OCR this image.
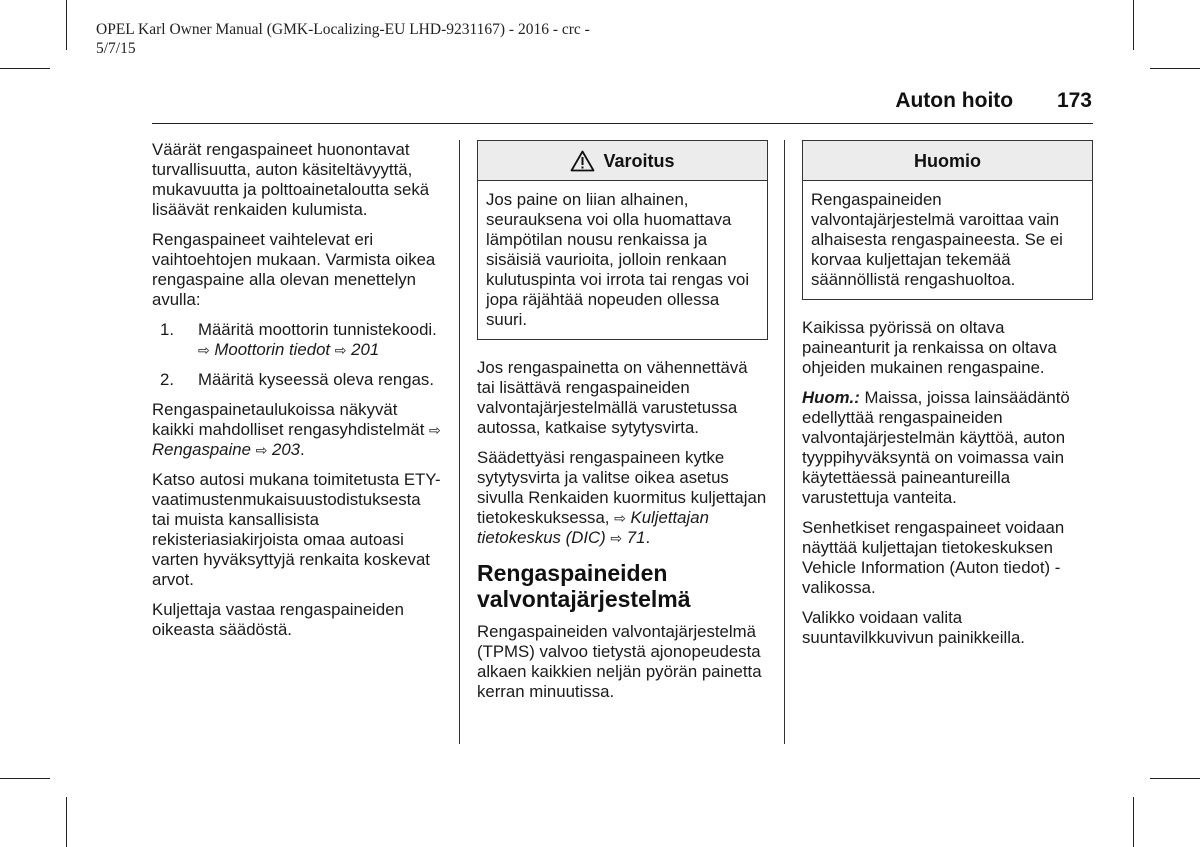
OPEL Karl Owner Manual (GMK-Localizing-EU LHD-9231167) - 2016 - crc -
5/7/15
Auton hoito 173

Väärät rengaspaineet huonontavat turvallisuutta, auton käsiteltävyyttä, mukavuutta ja polttoainetaloutta sekä lisäävät renkaiden kulumista.

Rengaspaineet vaihtelevat eri vaihtoehtojen mukaan. Varmista oikea rengaspaine alla olevan menettelyn avulla:

1.	Määritä moottorin tunnistekoodi. ⇨ Moottorin tiedot ⇨ 201
2.	Määritä kyseessä oleva rengas.

Rengaspainetaulukoissa näkyvät kaikki mahdolliset rengasyhdistelmät ⇨ Rengaspaine ⇨ 203.

Katso autosi mukana toimitetusta ETY-vaatimustenmukaisuustodistuksesta tai muista kansallisista rekisteriasiakirjoista omaa autoasi varten hyväksyttyjä renkaita koskevat arvot.

Kuljettaja vastaa rengaspaineiden oikeasta säädöstä.

Varoitus
Jos paine on liian alhainen, seurauksena voi olla huomattava lämpötilan nousu renkaissa ja sisäisiä vaurioita, jolloin renkaan kulutuspinta voi irrota tai rengas voi jopa räjähtää nopeuden ollessa suuri.

Jos rengaspainetta on vähennettävä tai lisättävä rengaspaineiden valvontajärjestelmällä varustetussa autossa, katkaise sytytysvirta.

Säädettyäsi rengaspaineen kytke sytytysvirta ja valitse oikea asetus sivulla Renkaiden kuormitus kuljettajan tietokeskuksessa, ⇨ Kuljettajan tietokeskus (DIC) ⇨ 71.

Rengaspaineiden valvontajärjestelmä

Rengaspaineiden valvontajärjestelmä (TPMS) valvoo tietystä ajonopeudesta alkaen kaikkien neljän pyörän painetta kerran minuutissa.

Huomio
Rengaspaineiden valvontajärjestelmä varoittaa vain alhaisesta rengaspaineesta. Se ei korvaa kuljettajan tekemää säännöllistä rengashuoltoa.

Kaikissa pyörissä on oltava paineanturit ja renkaissa on oltava ohjeiden mukainen rengaspaine.

Huom.: Maissa, joissa lainsäädäntö edellyttää rengaspaineiden valvontajärjestelmän käyttöä, auton tyyppihyväksyntä on voimassa vain käytettäessä paineantureilla varustettuja vanteita.

Senhetkiset rengaspaineet voidaan näyttää kuljettajan tietokeskuksen Vehicle Information (Auton tiedot) -valikossa.

Valikko voidaan valita suuntavilkkuvivun painikkeilla.
